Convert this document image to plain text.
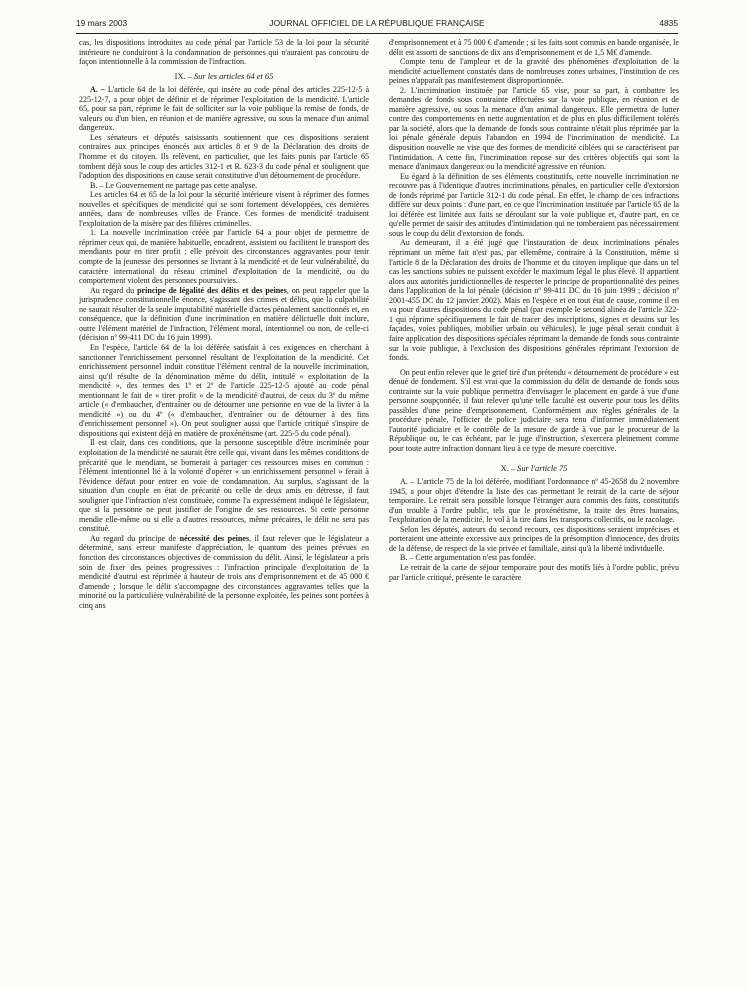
19 mars 2003	JOURNAL OFFICIEL DE LA RÉPUBLIQUE FRANÇAISE	4835

cas, les dispositions introduites au code pénal par l'article 53 de la loi pour la sécurité intérieure ne conduiront à la condamnation de personnes qui n'auraient pas concouru de façon intentionnelle à la commission de l'infraction.

IX. – Sur les articles 64 et 65

A. – L'article 64 de la loi déférée, qui insère au code pénal des articles 225-12-5 à 225-12-7, a pour objet de définir et de réprimer l'exploitation de la mendicité. L'article 65, pour sa part, réprime le fait de solliciter sur la voie publique la remise de fonds, de valeurs ou d'un bien, en réunion et de manière agressive, ou sous la menace d'un animal dangereux.

Les sénateurs et députés saisissants soutiennent que ces dispositions seraient contraires aux principes énoncés aux articles 8 et 9 de la Déclaration des droits de l'homme et du citoyen. Ils relèvent, en particulier, que les faits punis par l'article 65 tombent déjà sous le coup des articles 312-1 et R. 623-3 du code pénal et soulignent que l'adoption des dispositions en cause serait constitutive d'un détournement de procédure.

B. – Le Gouvernement ne partage pas cette analyse.

Les articles 64 et 65 de la loi pour la sécurité intérieure visent à réprimer des formes nouvelles et spécifiques de mendicité qui se sont fortement développées, ces dernières années, dans de nombreuses villes de France. Ces formes de mendicité traduisent l'exploitation de la misère par des filières criminelles.

1. La nouvelle incrimination créée par l'article 64 a pour objet de permettre de réprimer ceux qui, de manière habituelle, encadrent, assistent ou facilitent le transport des mendiants pour en tirer profit ; elle prévoit des circonstances aggravantes pour tenir compte de la jeunesse des personnes se livrant à la mendicité et de leur vulnérabilité, du caractère international du réseau criminel d'exploitation de la mendicité, ou du comportement violent des personnes poursuivies.

Au regard du principe de légalité des délits et des peines, on peut rappeler que la jurisprudence constitutionnelle énonce, s'agissant des crimes et délits, que la culpabilité ne saurait résulter de la seule imputabilité matérielle d'actes pénalement sanctionnés et, en conséquence, que la définition d'une incrimination en matière délictuelle doit inclure, outre l'élément matériel de l'infraction, l'élément moral, intentionnel ou non, de celle-ci (décision nº 99-411 DC du 16 juin 1999).

En l'espèce, l'article 64 de la loi déférée satisfait à ces exigences en cherchant à sanctionner l'enrichissement personnel résultant de l'exploitation de la mendicité. Cet enrichissement personnel induit constitue l'élément central de la nouvelle incrimination, ainsi qu'il résulte de la dénomination même du délit, intitulé « exploitation de la mendicité », des termes des 1º et 2º de l'article 225-12-5 ajouté au code pénal mentionnant le fait de « tirer profit » de la mendicité d'autrui, de ceux du 3º du même article (« d'embaucher, d'entraîner ou de détourner une personne en vue de la livrer à la mendicité ») ou du 4º (« d'embaucher, d'entraîner ou de détourner à des fins d'enrichissement personnel »). On peut souligner aussi que l'article critiqué s'inspire de dispositions qui existent déjà en matière de proxénétisme (art. 225-5 du code pénal).

Il est clair, dans ces conditions, que la personne susceptible d'être incriminée pour exploitation de la mendicité ne saurait être celle qui, vivant dans les mêmes conditions de précarité que le mendiant, se bornerait à partager ces ressources mises en commun : l'élément intentionnel lié à la volonté d'opérer « un enrichissement personnel » ferait à l'évidence défaut pour entrer en voie de condamnation. Au surplus, s'agissant de la situation d'un couple en état de précarité ou celle de deux amis en détresse, il faut souligner que l'infraction n'est constituée, comme l'a expressément indiqué le législateur, que si la personne ne peut justifier de l'origine de ses ressources. Si cette personne mendie elle-même ou si elle a d'autres ressources, même précaires, le délit ne sera pas constitué.

Au regard du principe de nécessité des peines, il faut relever que le législateur a déterminé, sans erreur manifeste d'appréciation, le quantum des peines prévues en fonction des circonstances objectives de commission du délit. Ainsi, le législateur a pris soin de fixer des peines progressives : l'infraction principale d'exploitation de la mendicité d'autrui est réprimée à hauteur de trois ans d'emprisonnement et de 45 000 € d'amende ; lorsque le délit s'accompagne des circonstances aggravantes telles que la minorité ou la particulière vulnérabilité de la personne exploitée, les peines sont portées à cinq ans

d'emprisonnement et à 75 000 € d'amende ; si les faits sont commis en bande organisée, le délit est assorti de sanctions de dix ans d'emprisonnement et de 1,5 M€ d'amende.

Compte tenu de l'ampleur et de la gravité des phénomènes d'exploitation de la mendicité actuellement constatés dans de nombreuses zones urbaines, l'institution de ces peines n'apparaît pas manifestement disproportionnée.

2. L'incrimination instituée par l'article 65 vise, pour sa part, à combattre les demandes de fonds sous contrainte effectuées sur la voie publique, en réunion et de manière agressive, ou sous la menace d'un animal dangereux. Elle permettra de lutter contre des comportements en nette augmentation et de plus en plus difficilement tolérés par la société, alors que la demande de fonds sous contrainte n'était plus réprimée par la loi pénale générale depuis l'abandon en 1994 de l'incrimination de mendicité. La disposition nouvelle ne vise que des formes de mendicité ciblées qui se caractérisent par l'intimidation. A cette fin, l'incrimination repose sur des critères objectifs qui sont la menace d'animaux dangereux ou la mendicité agressive en réunion.

Eu égard à la définition de ses éléments constitutifs, cette nouvelle incrimination ne recouvre pas à l'identique d'autres incriminations pénales, en particulier celle d'extorsion de fonds réprimé par l'article 312-1 du code pénal. En effet, le champ de ces infractions diffère sur deux points : d'une part, en ce que l'incrimination instituée par l'article 65 de la loi déférée est limitée aux faits se déroulant sur la voie publique et, d'autre part, en ce qu'elle permet de saisir des attitudes d'intimidation qui ne tomberaient pas nécessairement sous le coup du délit d'extorsion de fonds.

Au demeurant, il a été jugé que l'instauration de deux incriminations pénales réprimant un même fait n'est pas, par ellemême, contraire à la Constitution, même si l'article 8 de la Déclaration des droits de l'homme et du citoyen implique que dans un tel cas les sanctions subies ne puissent excéder le maximum légal le plus élevé. Il appartient alors aux autorités juridictionnelles de respecter le principe de proportionnalité des peines dans l'application de la loi pénale (décision nº 99-411 DC du 16 juin 1999 ; décision nº 2001-455 DC du 12 janvier 2002). Mais en l'espèce et en tout état de cause, comme il en va pour d'autres dispositions du code pénal (par exemple le second alinéa de l'article 322-1 qui réprime spécifiquement le fait de tracer des inscriptions, signes et dessins sur les façades, voies publiques, mobilier urbain ou véhicules), le juge pénal serait conduit à faire application des dispositions spéciales réprimant la demande de fonds sous contrainte sur la voie publique, à l'exclusion des dispositions générales réprimant l'extorsion de fonds.

On peut enfin relever que le grief tiré d'un prétendu « détournement de procédure » est dénué de fondement. S'il est vrai que la commission du délit de demande de fonds sous contrainte sur la voie publique permettra d'envisager le placement en garde à vue d'une personne soupçonnée, il faut relever qu'une telle faculté est ouverte pour tous les délits passibles d'une peine d'emprisonnement. Conformément aux règles générales de la procédure pénale, l'officier de police judiciaire sera tenu d'informer immédiatement l'autorité judiciaire et le contrôle de la mesure de garde à vue par le procureur de la République ou, le cas échéant, par le juge d'instruction, s'exercera pleinement comme pour toute autre infraction donnant lieu à ce type de mesure coercitive.

X. – Sur l'article 75

A. – L'article 75 de la loi déférée, modifiant l'ordonnance nº 45-2658 du 2 novembre 1945, a pour objet d'étendre la liste des cas permettant le retrait de la carte de séjour temporaire. Le retrait sera possible lorsque l'étranger aura commis des faits, constitutifs d'un trouble à l'ordre public, tels que le proxénétisme, la traite des êtres humains, l'exploitation de la mendicité, le vol à la tire dans les transports collectifs, ou le racolage.

Selon les députés, auteurs du second recours, ces dispositions seraient imprécises et porteraient une atteinte excessive aux principes de la présomption d'innocence, des droits de la défense, de respect de la vie privée et familiale, ainsi qu'à la liberté individuelle.

B. – Cette argumentation n'est pas fondée.

Le retrait de la carte de séjour temporaire pour des motifs liés à l'ordre public, prévu par l'article critiqué, présente le caractère
